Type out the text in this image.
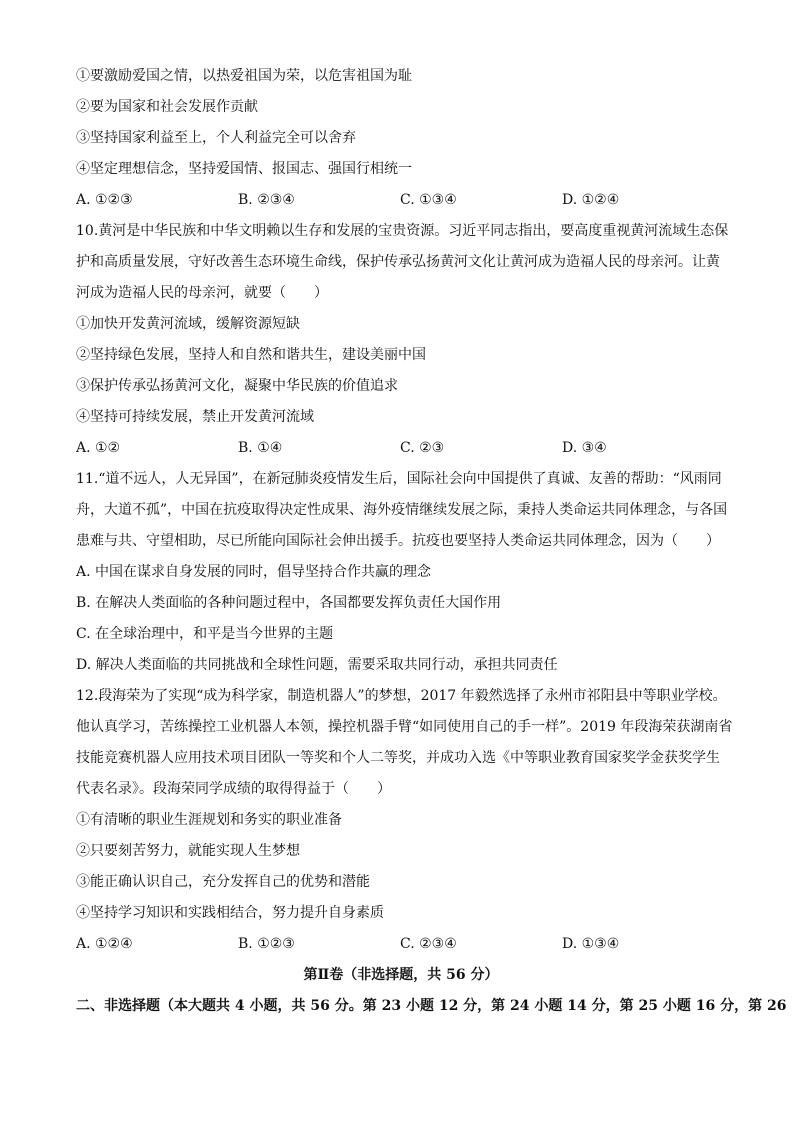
①要激励爱国之情，以热爱祖国为荣，以危害祖国为耻
②要为国家和社会发展作贡献
③坚持国家利益至上，个人利益完全可以舍弃
④坚定理想信念，坚持爱国情、报国志、强国行相统一
A. ①②③	B. ②③④	C. ①③④	D. ①②④
10.黄河是中华民族和中华文明赖以生存和发展的宝贵资源。习近平同志指出，要高度重视黄河流域生态保
护和高质量发展，守好改善生态环境生命线，保护传承弘扬黄河文化让黄河成为造福人民的母亲河。让黄
河成为造福人民的母亲河，就要（　　）
①加快开发黄河流域，缓解资源短缺
②坚持绿色发展，坚持人和自然和谐共生，建设美丽中国
③保护传承弘扬黄河文化，凝聚中华民族的价值追求
④坚持可持续发展，禁止开发黄河流域
A. ①②	B. ①④	C. ②③	D. ③④
11.“道不远人，人无异国”，在新冠肺炎疫情发生后，国际社会向中国提供了真诚、友善的帮助：“风雨同
舟，大道不孤”，中国在抗疫取得决定性成果、海外疫情继续发展之际，秉持人类命运共同体理念，与各国
患难与共、守望相助，尽已所能向国际社会伸出援手。抗疫也要坚持人类命运共同体理念，因为（　　）
A. 中国在谋求自身发展的同时，倡导坚持合作共赢的理念
B. 在解决人类面临的各种问题过程中，各国都要发挥负责任大国作用
C. 在全球治理中，和平是当今世界的主题
D. 解决人类面临的共同挑战和全球性问题，需要采取共同行动，承担共同责任
12.段海荣为了实现“成为科学家，制造机器人”的梦想，2017 年毅然选择了永州市祁阳县中等职业学校。
他认真学习，苦练操控工业机器人本领，操控机器手臂“如同使用自己的手一样”。2019 年段海荣获湖南省
技能竞赛机器人应用技术项目团队一等奖和个人二等奖，并成功入选《中等职业教育国家奖学金获奖学生
代表名录》。段海荣同学成绩的取得得益于（　　）
①有清晰的职业生涯规划和务实的职业准备
②只要刻苦努力，就能实现人生梦想
③能正确认识自己，充分发挥自己的优势和潜能
④坚持学习知识和实践相结合，努力提升自身素质
A. ①②④	B. ①②③	C. ②③④	D. ①③④
第Ⅱ卷（非选择题，共 56 分）
二、非选择题（本大题共 4 小题，共 56 分。第 23 小题 12 分，第 24 小题 14 分，第 25 小题 16 分，第 26
